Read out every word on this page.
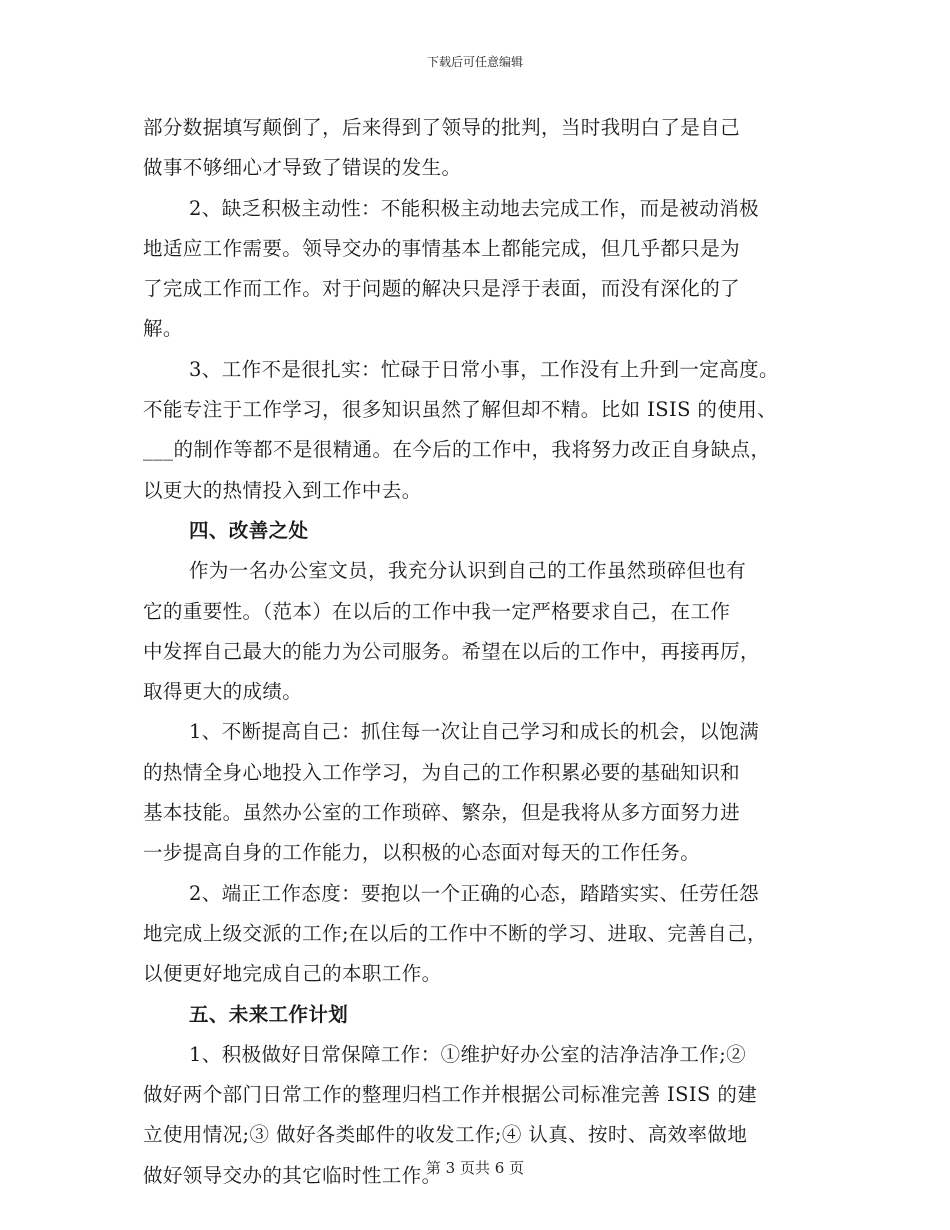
下载后可任意编辑
部分数据填写颠倒了，后来得到了领导的批判，当时我明白了是自己
做事不够细心才导致了错误的发生。
2、缺乏积极主动性：不能积极主动地去完成工作，而是被动消极
地适应工作需要。领导交办的事情基本上都能完成，但几乎都只是为
了完成工作而工作。对于问题的解决只是浮于表面，而没有深化的了
解。
3、工作不是很扎实：忙碌于日常小事，工作没有上升到一定高度。
不能专注于工作学习，很多知识虽然了解但却不精。比如 ISIS 的使用、
___的制作等都不是很精通。在今后的工作中，我将努力改正自身缺点，
以更大的热情投入到工作中去。
四、改善之处
作为一名办公室文员，我充分认识到自己的工作虽然琐碎但也有
它的重要性。（范本）在以后的工作中我一定严格要求自己，在工作
中发挥自己最大的能力为公司服务。希望在以后的工作中，再接再厉，
取得更大的成绩。
1、不断提高自己：抓住每一次让自己学习和成长的机会，以饱满
的热情全身心地投入工作学习，为自己的工作积累必要的基础知识和
基本技能。虽然办公室的工作琐碎、繁杂，但是我将从多方面努力进
一步提高自身的工作能力，以积极的心态面对每天的工作任务。
2、端正工作态度：要抱以一个正确的心态，踏踏实实、任劳任怨
地完成上级交派的工作;在以后的工作中不断的学习、进取、完善自己，
以便更好地完成自己的本职工作。
五、未来工作计划
1、积极做好日常保障工作：①维护好办公室的洁净洁净工作;②
做好两个部门日常工作的整理归档工作并根据公司标准完善 ISIS 的建
立使用情况;③ 做好各类邮件的收发工作;④ 认真、按时、高效率做地
做好领导交办的其它临时性工作。
第 3 页共 6 页
